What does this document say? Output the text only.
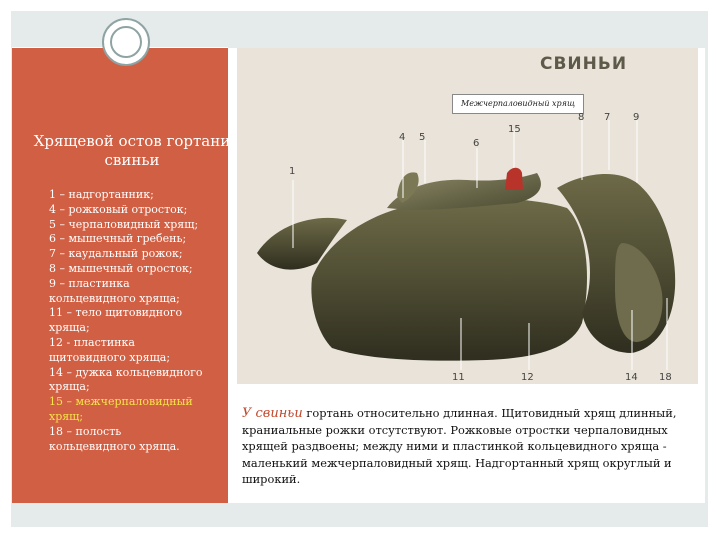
Хрящевой остов гортани свиньи
1 – надгортанник;
4 – рожковый отросток;
5 – черпаловидный хрящ;
6 – мышечный гребень;
7 – каудальный рожок;
8 – мышечный отросток;
9 – пластинка
кольцевидного хряща;
11 – тело щитовидного
хряща;
12 - пластинка
щитовидного хряща;
14 – дужка кольцевидного
хряща;
15 – межчерпаловидный
хрящ;
18 – полость
кольцевидного хряща.
СВИНЬИ
Межчерпаловидный хрящ
1
4 5
6
15
8 7 9
11	12	14 18
У свиньи гортань относительно длинная. Щитовидный хрящ длинный, краниальные рожки отсутствуют. Рожковые отростки черпаловидных хрящей раздвоены; между ними и пластинкой кольцевидного хряща - маленький межчерпаловидный хрящ. Надгортанный хрящ округлый и широкий.
